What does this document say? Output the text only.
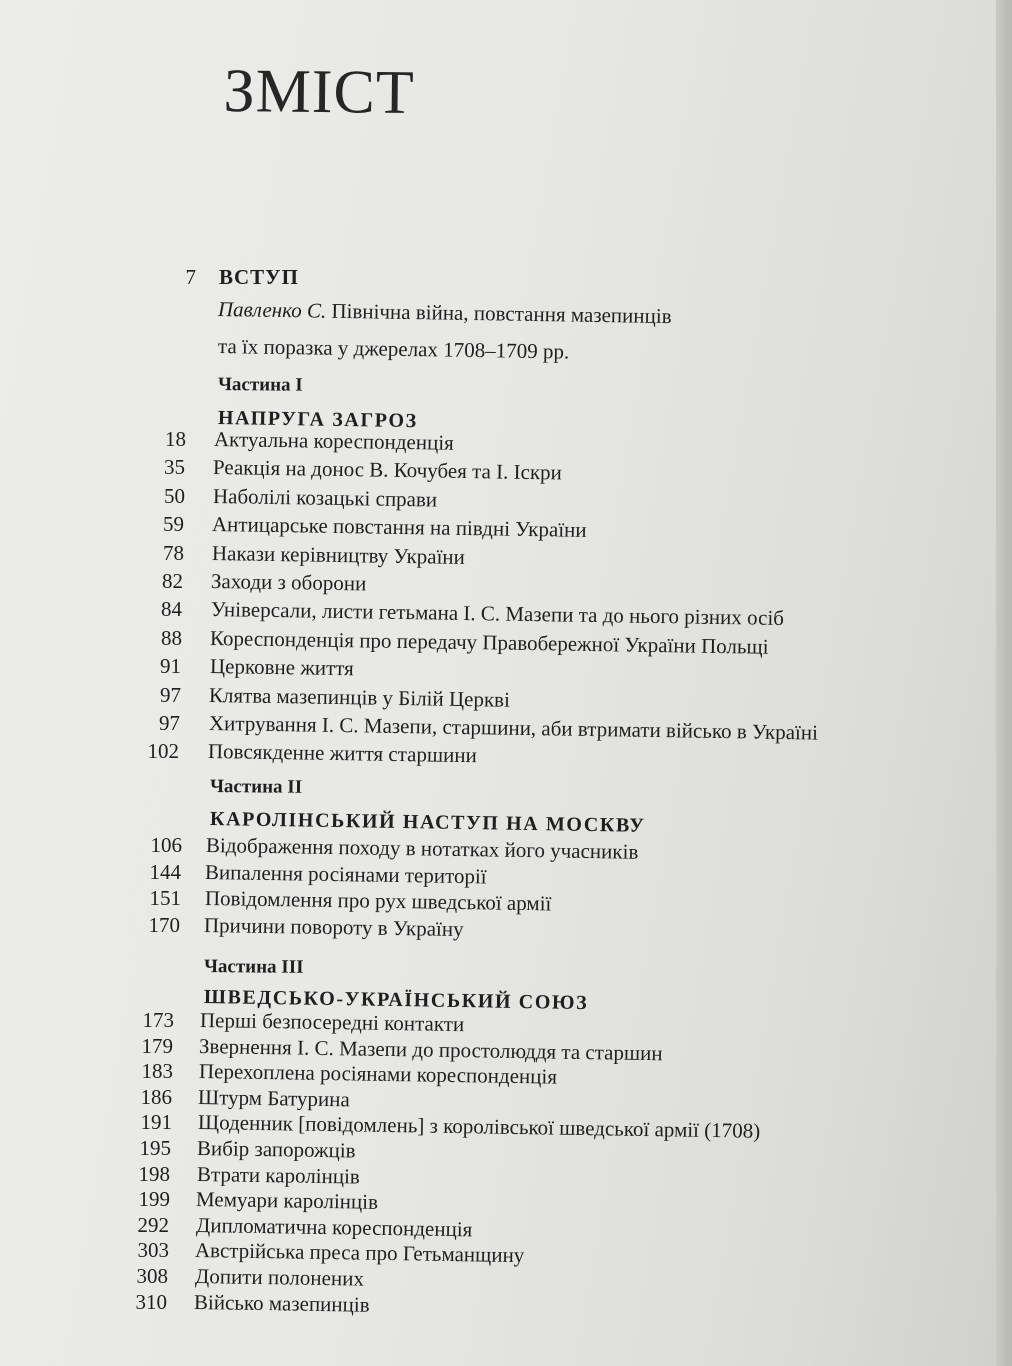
ЗМІСТ
7 ВСТУП
Павленко С. Північна війна, повстання мазепинців
та їх поразка у джерелах 1708–1709 рр.
Частина I
НАПРУГА ЗАГРОЗ
18 Актуальна кореспонденція
35 Реакція на донос В. Кочубея та І. Іскри
50 Наболілі козацькі справи
59 Антицарське повстання на півдні України
78 Накази керівництву України
82 Заходи з оборони
84 Універсали, листи гетьмана І. С. Мазепи та до нього різних осіб
88 Кореспонденція про передачу Правобережної України Польщі
91 Церковне життя
97 Клятва мазепинців у Білій Церкві
97 Хитрування І. С. Мазепи, старшини, аби втримати військо в Україні
102 Повсякденне життя старшини
Частина II
КАРОЛІНСЬКИЙ НАСТУП НА МОСКВУ
106 Відображення походу в нотатках його учасників
144 Випалення росіянами території
151 Повідомлення про рух шведської армії
170 Причини повороту в Україну
Частина III
ШВЕДСЬКО-УКРАЇНСЬКИЙ СОЮЗ
173 Перші безпосередні контакти
179 Звернення І. С. Мазепи до простолюддя та старшин
183 Перехоплена росіянами кореспонденція
186 Штурм Батурина
191 Щоденник [повідомлень] з королівської шведської армії (1708)
195 Вибір запорожців
198 Втрати каролінців
199 Мемуари каролінців
292 Дипломатична кореспонденція
303 Австрійська преса про Гетьманщину
308 Допити полонених
310 Військо мазепинців
